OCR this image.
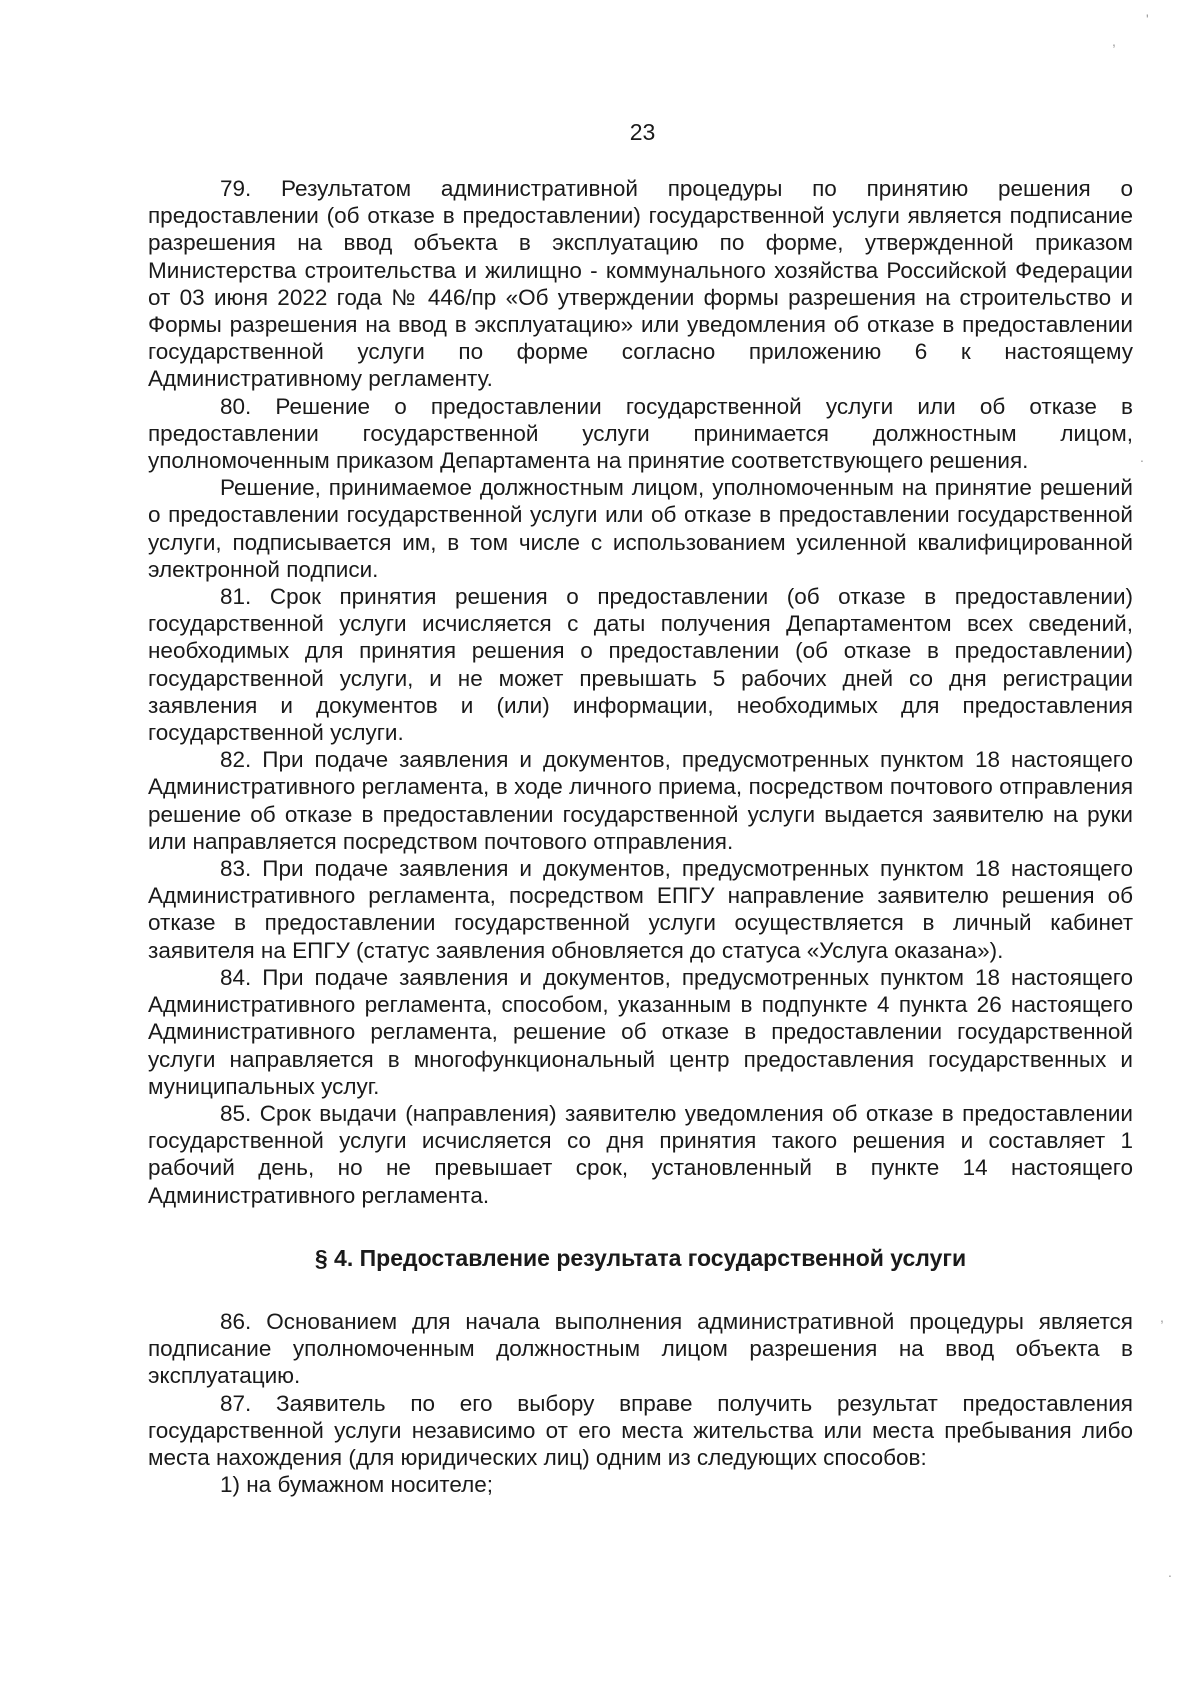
23

79. Результатом административной процедуры по принятию решения о предоставлении (об отказе в предоставлении) государственной услуги является подписание разрешения на ввод объекта в эксплуатацию по форме, утвержденной приказом Министерства строительства и жилищно - коммунального хозяйства Российской Федерации от 03 июня 2022 года № 446/пр «Об утверждении формы разрешения на строительство и Формы разрешения на ввод в эксплуатацию» или уведомления об отказе в предоставлении государственной услуги по форме согласно приложению 6 к настоящему Административному регламенту.

80. Решение о предоставлении государственной услуги или об отказе в предоставлении государственной услуги принимается должностным лицом, уполномоченным приказом Департамента на принятие соответствующего решения.

Решение, принимаемое должностным лицом, уполномоченным на принятие решений о предоставлении государственной услуги или об отказе в предоставлении государственной услуги, подписывается им, в том числе с использованием усиленной квалифицированной электронной подписи.

81. Срок принятия решения о предоставлении (об отказе в предоставлении) государственной услуги исчисляется с даты получения Департаментом всех сведений, необходимых для принятия решения о предоставлении (об отказе в предоставлении) государственной услуги, и не может превышать 5 рабочих дней со дня регистрации заявления и документов и (или) информации, необходимых для предоставления государственной услуги.

82. При подаче заявления и документов, предусмотренных пунктом 18 настоящего Административного регламента, в ходе личного приема, посредством почтового отправления решение об отказе в предоставлении государственной услуги выдается заявителю на руки или направляется посредством почтового отправления.

83. При подаче заявления и документов, предусмотренных пунктом 18 настоящего Административного регламента, посредством ЕПГУ направление заявителю решения об отказе в предоставлении государственной услуги осуществляется в личный кабинет заявителя на ЕПГУ (статус заявления обновляется до статуса «Услуга оказана»).

84. При подаче заявления и документов, предусмотренных пунктом 18 настоящего Административного регламента, способом, указанным в подпункте 4 пункта 26 настоящего Административного регламента, решение об отказе в предоставлении государственной услуги направляется в многофункциональный центр предоставления государственных и муниципальных услуг.

85. Срок выдачи (направления) заявителю уведомления об отказе в предоставлении государственной услуги исчисляется со дня принятия такого решения и составляет 1 рабочий день, но не превышает срок, установленный в пункте 14 настоящего Административного регламента.

§ 4. Предоставление результата государственной услуги

86. Основанием для начала выполнения административной процедуры является подписание уполномоченным должностным лицом разрешения на ввод объекта в эксплуатацию.

87. Заявитель по его выбору вправе получить результат предоставления государственной услуги независимо от его места жительства или места пребывания либо места нахождения (для юридических лиц) одним из следующих способов:

1) на бумажном носителе;

'
,
.
,
.
